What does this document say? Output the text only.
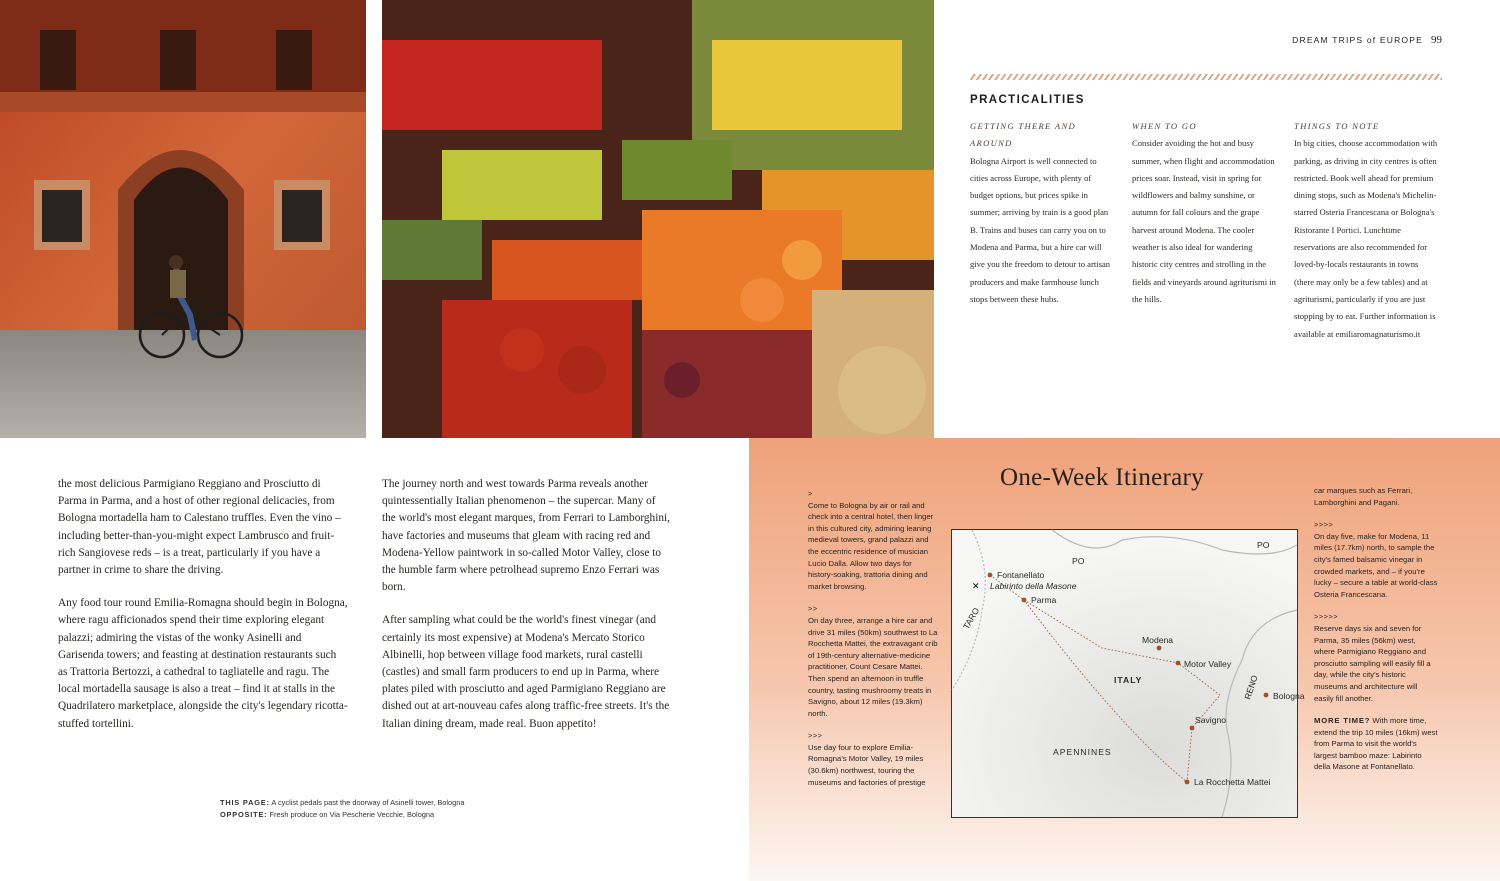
DREAM TRIPS of EUROPE 99
PRACTICALITIES
GETTING THERE AND AROUND
Bologna Airport is well connected to cities across Europe, with plenty of budget options, but prices spike in summer; arriving by train is a good plan B. Trains and buses can carry you on to Modena and Parma, but a hire car will give you the freedom to detour to artisan producers and make farmhouse lunch stops between these hubs.
WHEN TO GO
Consider avoiding the hot and busy summer, when flight and accommodation prices soar. Instead, visit in spring for wildflowers and balmy sunshine, or autumn for fall colours and the grape harvest around Modena. The cooler weather is also ideal for wandering historic city centres and strolling in the fields and vineyards around agriturismi in the hills.
THINGS TO NOTE
In big cities, choose accommodation with parking, as driving in city centres is often restricted. Book well ahead for premium dining stops, such as Modena's Michelin-starred Osteria Francescana or Bologna's Ristorante I Portici. Lunchtime reservations are also recommended for loved-by-locals restaurants in towns (there may only be a few tables) and at agriturismi, particularly if you are just stopping by to eat. Further information is available at emiliaromagnaturismo.it

the most delicious Parmigiano Reggiano and Prosciutto di Parma in Parma, and a host of other regional delicacies, from Bologna mortadella ham to Calestano truffles. Even the vino – including better-than-you-might expect Lambrusco and fruit-rich Sangiovese reds – is a treat, particularly if you have a partner in crime to share the driving.

Any food tour round Emilia-Romagna should begin in Bologna, where ragu afficionados spend their time exploring elegant palazzi; admiring the vistas of the wonky Asinelli and Garisenda towers; and feasting at destination restaurants such as Trattoria Bertozzi, a cathedral to tagliatelle and ragu. The local mortadella sausage is also a treat – find it at stalls in the Quadrilatero marketplace, alongside the city's legendary ricotta-stuffed tortellini.

The journey north and west towards Parma reveals another quintessentially Italian phenomenon – the supercar. Many of the world's most elegant marques, from Ferrari to Lamborghini, have factories and museums that gleam with racing red and Modena-Yellow paintwork in so-called Motor Valley, close to the humble farm where petrolhead supremo Enzo Ferrari was born.

After sampling what could be the world's finest vinegar (and certainly its most expensive) at Modena's Mercato Storico Albinelli, hop between village food markets, rural castelli (castles) and small farm producers to end up in Parma, where plates piled with prosciutto and aged Parmigiano Reggiano are dished out at art-nouveau cafes along traffic-free streets. It's the Italian dining dream, made real. Buon appetito!

THIS PAGE: A cyclist pedals past the doorway of Asinelli tower, Bologna
OPPOSITE: Fresh produce on Via Pescherie Vecchie, Bologna
One-Week Itinerary
>
Come to Bologna by air or rail and check into a central hotel, then linger in this cultured city, admiring leaning medieval towers, grand palazzi and the eccentric residence of musician Lucio Dalla. Allow two days for history-soaking, trattoria dining and market browsing.
>>
On day three, arrange a hire car and drive 31 miles (50km) southwest to La Rocchetta Mattei, the extravagant crib of 19th-century alternative-medicine practitioner, Count Cesare Mattei. Then spend an afternoon in truffle country, tasting mushroomy treats in Savigno, about 12 miles (19.3km) north.
>>>
Use day four to explore Emilia-Romagna's Motor Valley, 19 miles (30.6km) northwest, touring the museums and factories of prestige
car marques such as Ferrari, Lamborghini and Pagani.
>>>>
On day five, make for Modena, 11 miles (17.7km) north, to sample the city's famed balsamic vinegar in crowded markets, and – if you're lucky – secure a table at world-class Osteria Francescana.
>>>>>
Reserve days six and seven for Parma, 35 miles (56km) west, where Parmigiano Reggiano and prosciutto sampling will easily fill a day, while the city's historic museums and architecture will easily fill another.
MORE TIME? With more time, extend the trip 10 miles (16km) west from Parma to visit the world's largest bamboo maze: Labirinto della Masone at Fontanellato.
PO
PO
TARO
RENO
Fontanellato
✕ Labirinto della Masone
Parma
Modena
Motor Valley
Bologna
Savigno
La Rocchetta Mattei
ITALY
APENNINES
